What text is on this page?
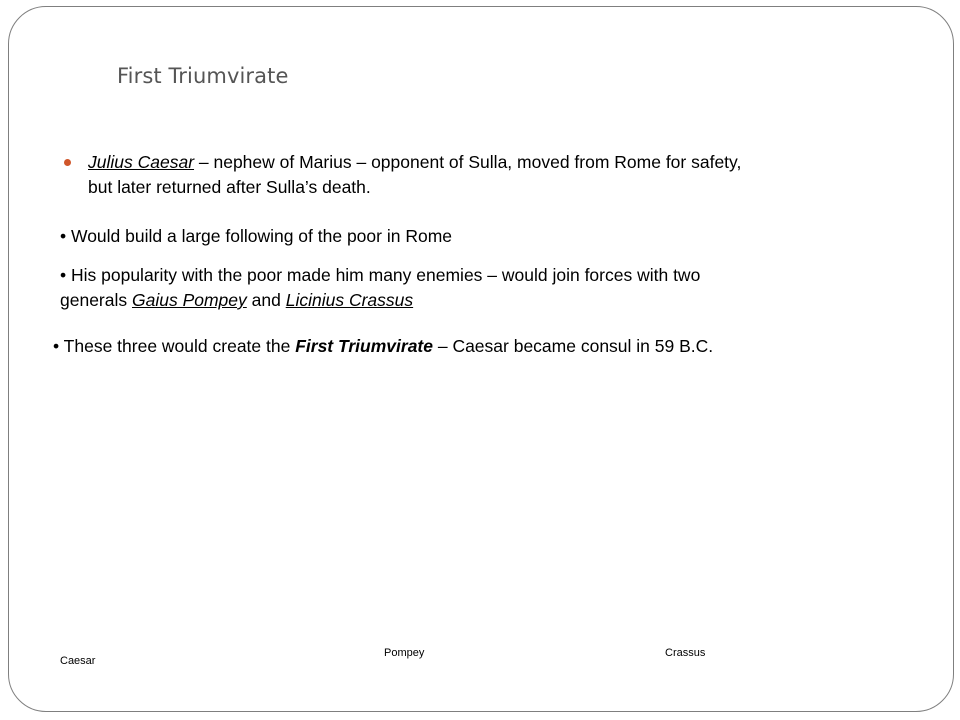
First Triumvirate
Julius Caesar – nephew of Marius – opponent of Sulla, moved from Rome for safety,
but later returned after Sulla’s death.
• Would build a large following of the poor in Rome
• His popularity with the poor made him many enemies – would join forces with two
generals Gaius Pompey and Licinius Crassus
• These three would create the First Triumvirate – Caesar became consul in 59 B.C.
Caesar
Pompey	Crassus
